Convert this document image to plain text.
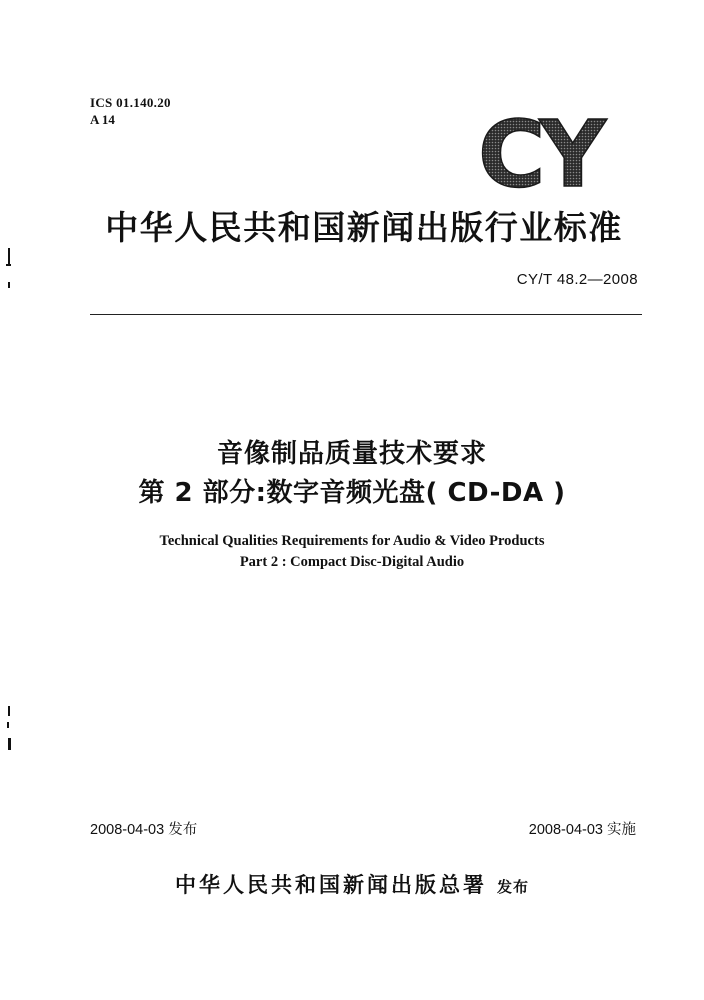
ICS 01.140.20
A 14	CY
中华人民共和国新闻出版行业标准
CY/T 48.2—2008
音像制品质量技术要求
第 2 部分:数字音频光盘( CD-DA )
Technical Qualities Requirements for Audio & Video Products
Part 2 : Compact Disc-Digital Audio
2008-04-03 发布	2008-04-03 实施
中华人民共和国新闻出版总署 发布
